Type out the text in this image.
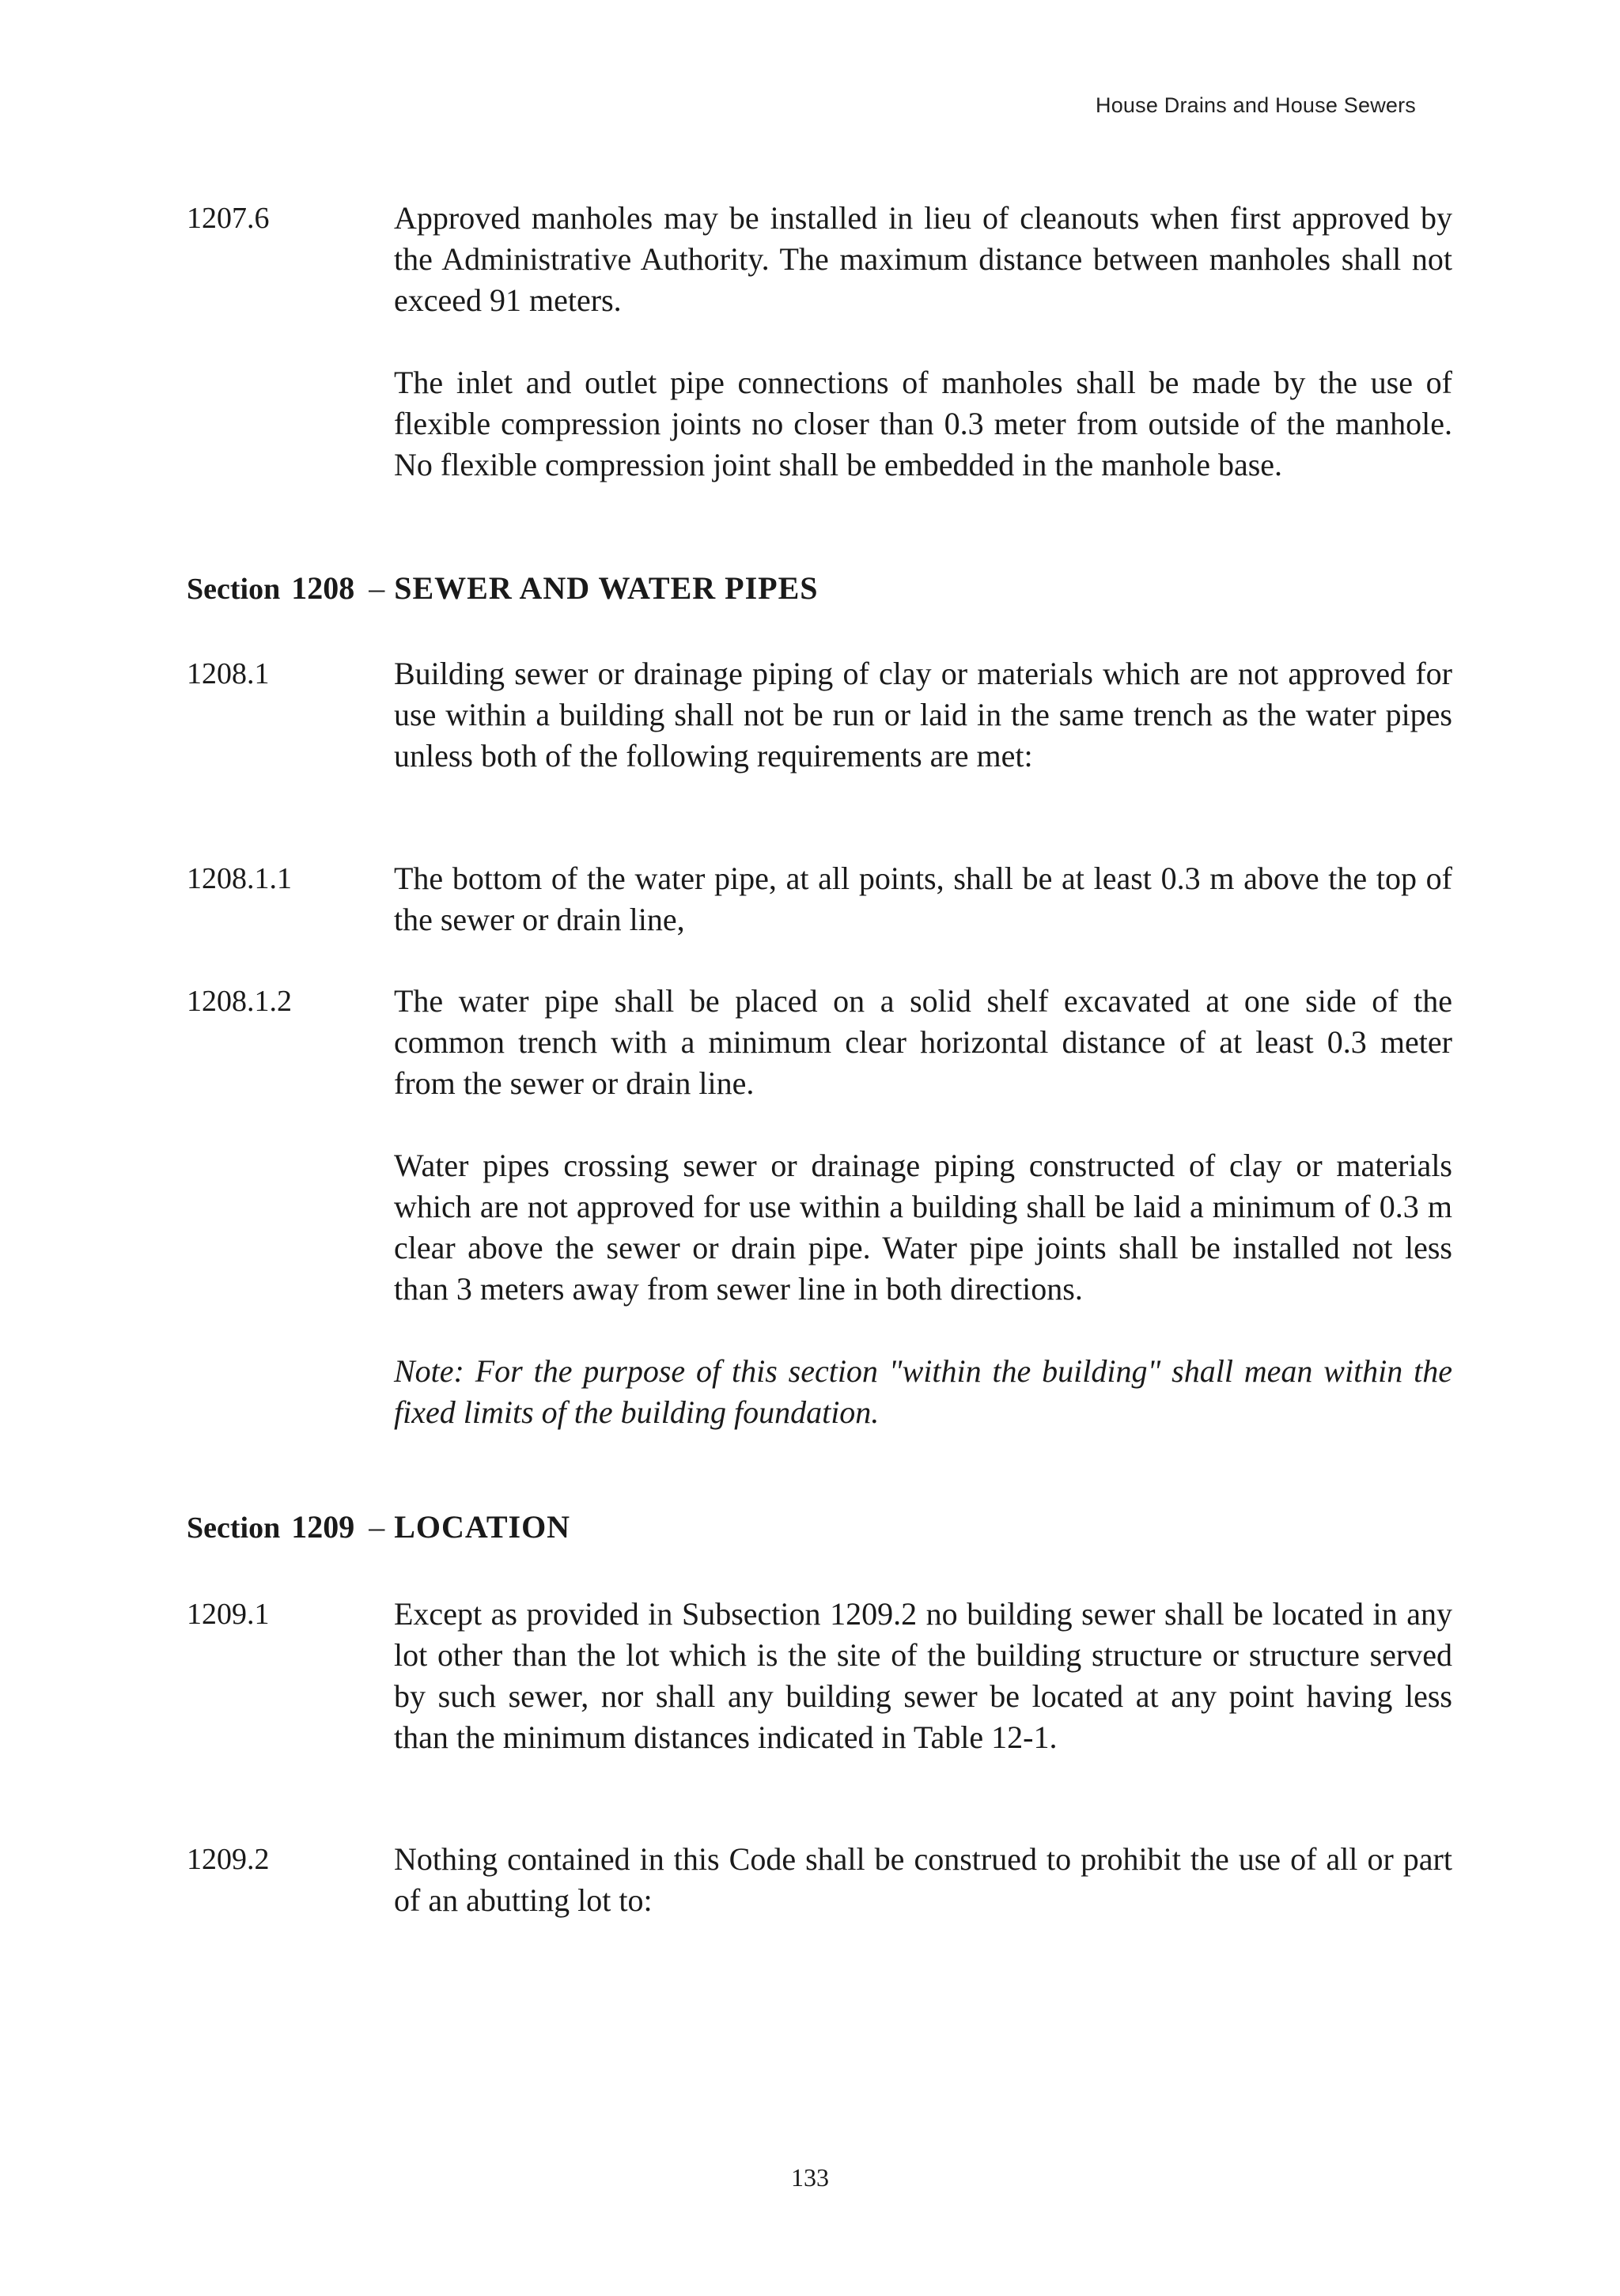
House Drains and House Sewers
1207.6	Approved manholes may be installed in lieu of cleanouts when first approved by the Administrative Authority. The maximum distance between manholes shall not exceed 91 meters.

The inlet and outlet pipe connections of manholes shall be made by the use of flexible compression joints no closer than 0.3 meter from outside of the manhole. No flexible compression joint shall be embedded in the manhole base.

Section 1208 – SEWER AND WATER PIPES
1208.1	Building sewer or drainage piping of clay or materials which are not approved for use within a building shall not be run or laid in the same trench as the water pipes unless both of the following requirements are met:

1208.1.1	The bottom of the water pipe, at all points, shall be at least 0.3 m above the top of the sewer or drain line,

1208.1.2	The water pipe shall be placed on a solid shelf excavated at one side of the common trench with a minimum clear horizontal distance of at least 0.3 meter from the sewer or drain line.

Water pipes crossing sewer or drainage piping constructed of clay or materials which are not approved for use within a building shall be laid a minimum of 0.3 m clear above the sewer or drain pipe. Water pipe joints shall be installed not less than 3 meters away from sewer line in both directions.

Note: For the purpose of this section "within the building" shall mean within the fixed limits of the building foundation.

Section 1209 – LOCATION
1209.1	Except as provided in Subsection 1209.2 no building sewer shall be located in any lot other than the lot which is the site of the building structure or structure served by such sewer, nor shall any building sewer be located at any point having less than the minimum distances indicated in Table 12-1.

1209.2	Nothing contained in this Code shall be construed to prohibit the use of all or part of an abutting lot to:

133
